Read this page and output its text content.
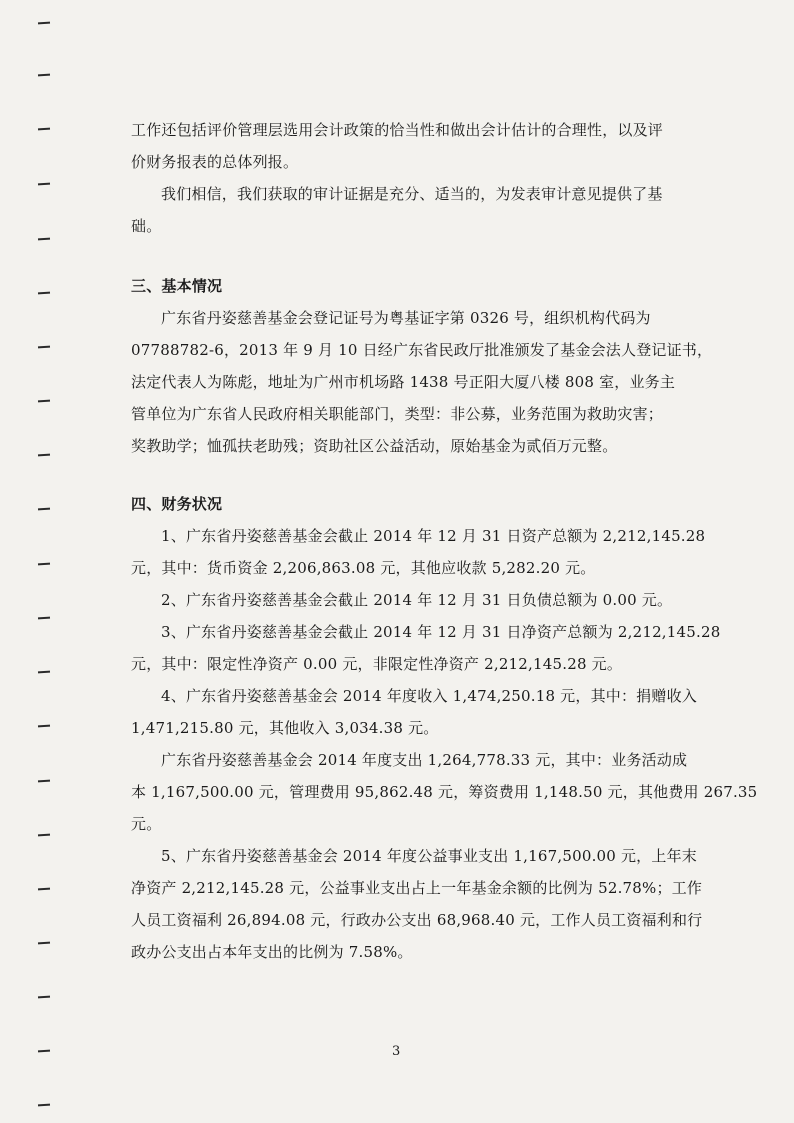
工作还包括评价管理层选用会计政策的恰当性和做出会计估计的合理性，以及评
价财务报表的总体列报。
我们相信，我们获取的审计证据是充分、适当的，为发表审计意见提供了基
础。
三、基本情况
广东省丹姿慈善基金会登记证号为粤基证字第 0326 号，组织机构代码为
07788782-6，2013 年 9 月 10 日经广东省民政厅批准颁发了基金会法人登记证书，
法定代表人为陈彪，地址为广州市机场路 1438 号正阳大厦八楼 808 室，业务主
管单位为广东省人民政府相关职能部门，类型：非公募，业务范围为救助灾害；
奖教助学；恤孤扶老助残；资助社区公益活动，原始基金为贰佰万元整。
四、财务状况
1、广东省丹姿慈善基金会截止 2014 年 12 月 31 日资产总额为 2,212,145.28
元，其中：货币资金 2,206,863.08 元，其他应收款 5,282.20 元。
2、广东省丹姿慈善基金会截止 2014 年 12 月 31 日负债总额为 0.00 元。
3、广东省丹姿慈善基金会截止 2014 年 12 月 31 日净资产总额为 2,212,145.28
元，其中：限定性净资产 0.00 元，非限定性净资产 2,212,145.28 元。
4、广东省丹姿慈善基金会 2014 年度收入 1,474,250.18 元，其中：捐赠收入
1,471,215.80 元，其他收入 3,034.38 元。
广东省丹姿慈善基金会 2014 年度支出 1,264,778.33 元，其中：业务活动成
本 1,167,500.00 元，管理费用 95,862.48 元，筹资费用 1,148.50 元，其他费用 267.35
元。
5、广东省丹姿慈善基金会 2014 年度公益事业支出 1,167,500.00 元，上年末
净资产 2,212,145.28 元，公益事业支出占上一年基金余额的比例为 52.78%；工作
人员工资福利 26,894.08 元，行政办公支出 68,968.40 元，工作人员工资福利和行
政办公支出占本年支出的比例为 7.58%。
3
